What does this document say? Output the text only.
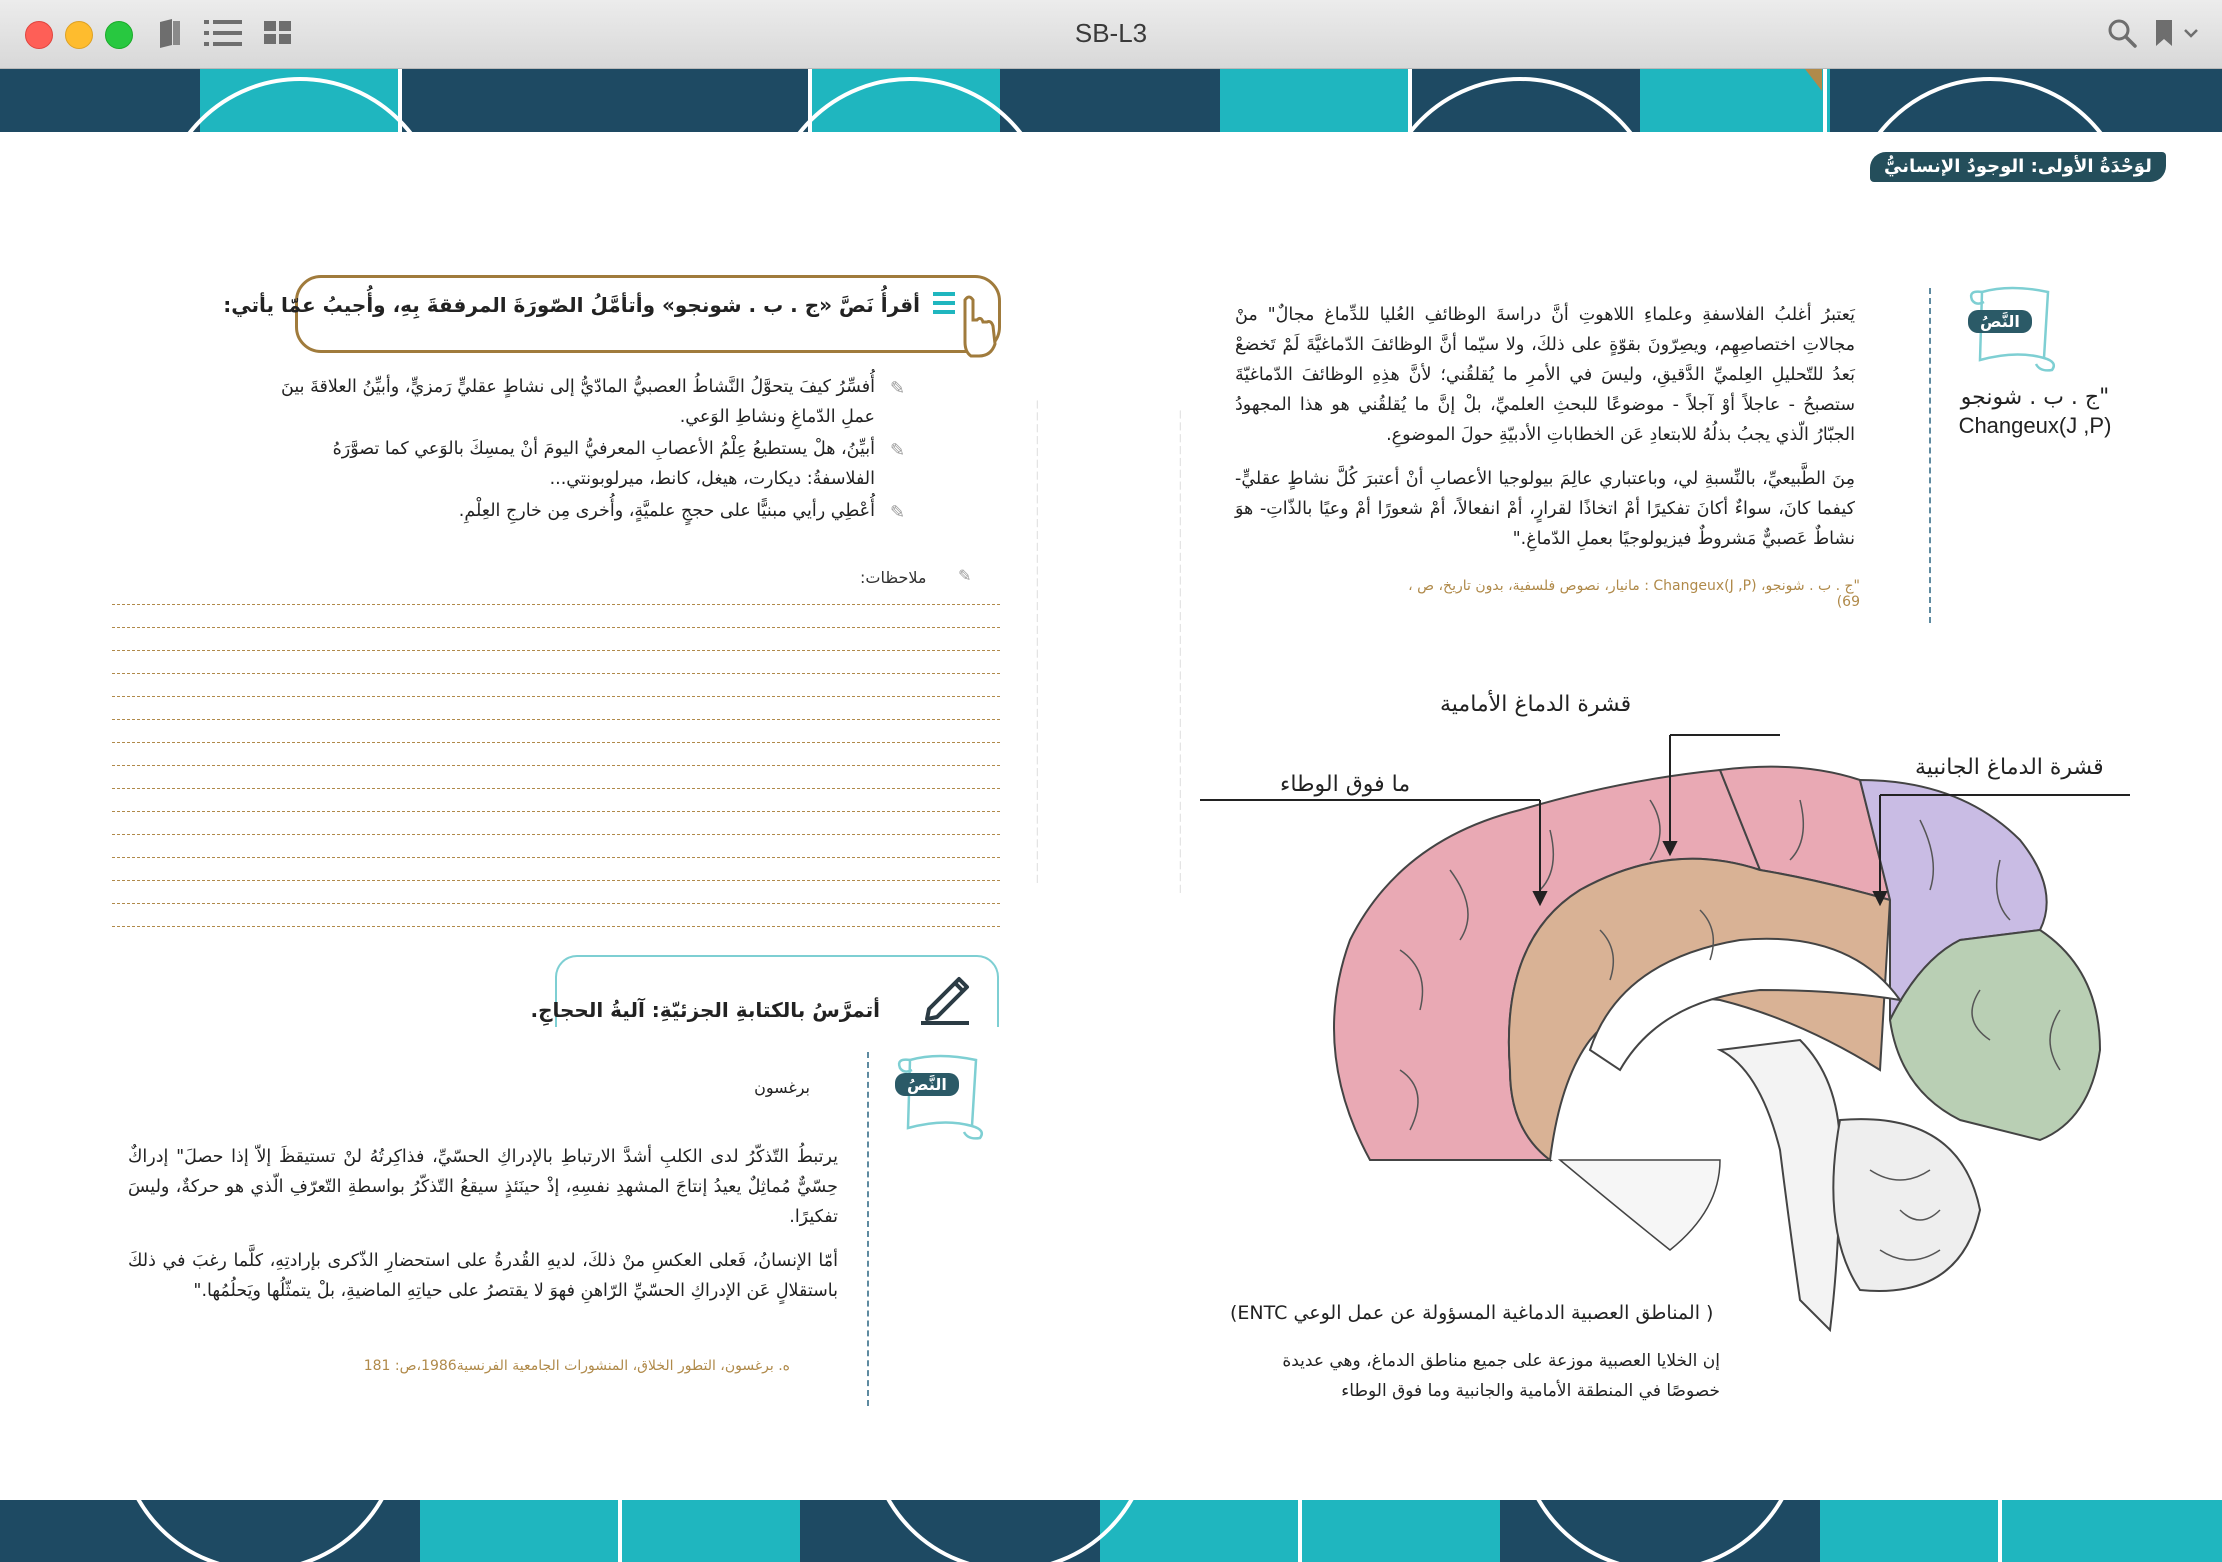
SB-L3
لوَحْدَةُ الأولى: الوجودُ الإنسانيُّ

يَعتبرُ أغلبُ الفلاسفةِ وعلماءِ اللاهوتِ أنَّ دراسةَ الوظائفِ العُليا للدِّماغ مجالٌ" منْ مجالاتِ اختصاصِهِم، ويصِرّونَ بقوّةٍ على ذلكَ، ولا سيّما أنَّ الوظائفَ الدّماغيَّةَ لَمْ تَخضعْ بَعدُ للتّحليلِ العِلميِّ الدَّقيقِ، وليسَ في الأمرِ ما يُقلقُني؛ لأنَّ هذِهِ الوظائفَ الدّماغيّةَ ستصبحُ - عاجلاً أوْ آجلاً - موضوعًا للبحثِ العلميِّ، بلْ إنَّ ما يُقلقُني هو هذا المجهودُ الجبّارُ الّذي يجبُ بذلُهُ للابتعادِ عَن الخطاباتِ الأدبيّةِ حولَ الموضوعِ.

مِنَ الطَّبيعيِّ، بالنِّسبةِ لي، وباعتباري عالِمَ بيولوجيا الأعصابِ أنْ أعتبرَ كُلَّ نشاطٍ عقليٍّ- كيفما كانَ، سواءٌ أكانَ تفكيرًا أمْ اتخاذًا لقرارٍ، أمْ انفعالاً، أمْ شعورًا أمْ وعيًا بالذّاتِ- هوَ نشاطٌ عَصبيٌّ مَشروطٌ فيزيولوجيًا بعملِ الدّماغِ."

"ج . ب . شونجو، Changeux(J ,P) : مانيار، نصوص فلسفية، بدون تاريخ، ص ، 69)
النَّصُ
"ج . ب . شونجو
Changeux(J ,P)
قشرة الدماغ الأمامية
قشرة الدماغ الجانبية
ما فوق الوطاء
( المناطق العصبية الدماغية المسؤولة عن عمل الوعي ENTC)
إن الخلايا العصبية موزعة على جميع مناطق الدماغ، وهي عديدة خصوصًا في المنطقة الأمامية والجانبية وما فوق الوطاء
— — — — — — — — — — — — — — — — — — — — — — — — — — — — — — — — — — — — — — — — —	— — — — — — — — — — — — — — — — — — — — — — — — — — — — — — — — — — — — — — — — —
أقرأُ نَصَّ «ج . ب . شونجو» وأتأمَّلُ الصّورَةَ المرفقةَ بِهِ، وأُجيبُ عمّا يأتي:
✎
أُفسِّرُ كيفَ يتحوَّلُ النَّشاطُ العصبيُّ المادّيُّ إلى نشاطٍ عقليٍّ رَمزيٍّ، وأبيِّنُ العلاقةَ بينَ عملِ الدّماغِ ونشاطِ الوَعي.
✎
أبيِّنُ، هلْ يستطيعُ عِلْمُ الأعصابِ المعرفيُّ اليومَ أنْ يمسِكَ بالوَعي كما تصوَّرَهُ الفلاسفةُ: ديكارت، هيغل، كانط، ميرلوبونتي...
✎
أُعْطِي رأيي مبنيًّا على حججٍ علميَّةٍ، وأُخرى مِن خارجِ العِلْمِ.
✎
ملاحظات:
أتمرَّسُ بالكتابةِ الجزئيّةِ: آليةُ الحجاجِ.
النَّصُ
برغسون

يرتبطُ التّذكّرُ لدى الكلبِ أشدَّ الارتباطِ بالإدراكِ الحسّيِّ، فذاكِرتُهُ لنْ تستيقظَ إلاّ إذا حصلَ" إدراكٌ حِسّيٌّ مُماثِلٌ يعيدُ إنتاجَ المشهدِ نفسِهِ، إذْ حينَئذٍ سيقعُ التّذكّرُ بواسطةِ التّعرّفِ الّذي هو حركةٌ، وليسَ تفكيرًا.

أمّا الإنسانُ، فَعلى العكسِ منْ ذلكَ، لديهِ القُدرةُ على استحضارِ الذّكرى بإرادتِهِ، كلَّما رغبَ في ذلكَ باستقلالٍ عَن الإدراكِ الحسّيِّ الرّاهنِ فهوَ لا يقتصرُ على حياتِهِ الماضيةِ، بلْ يتمثّلُها ويَحلُمُها."

ه. برغسون، التطور الخلاق، المنشورات الجامعية الفرنسية1986،ص: 181
